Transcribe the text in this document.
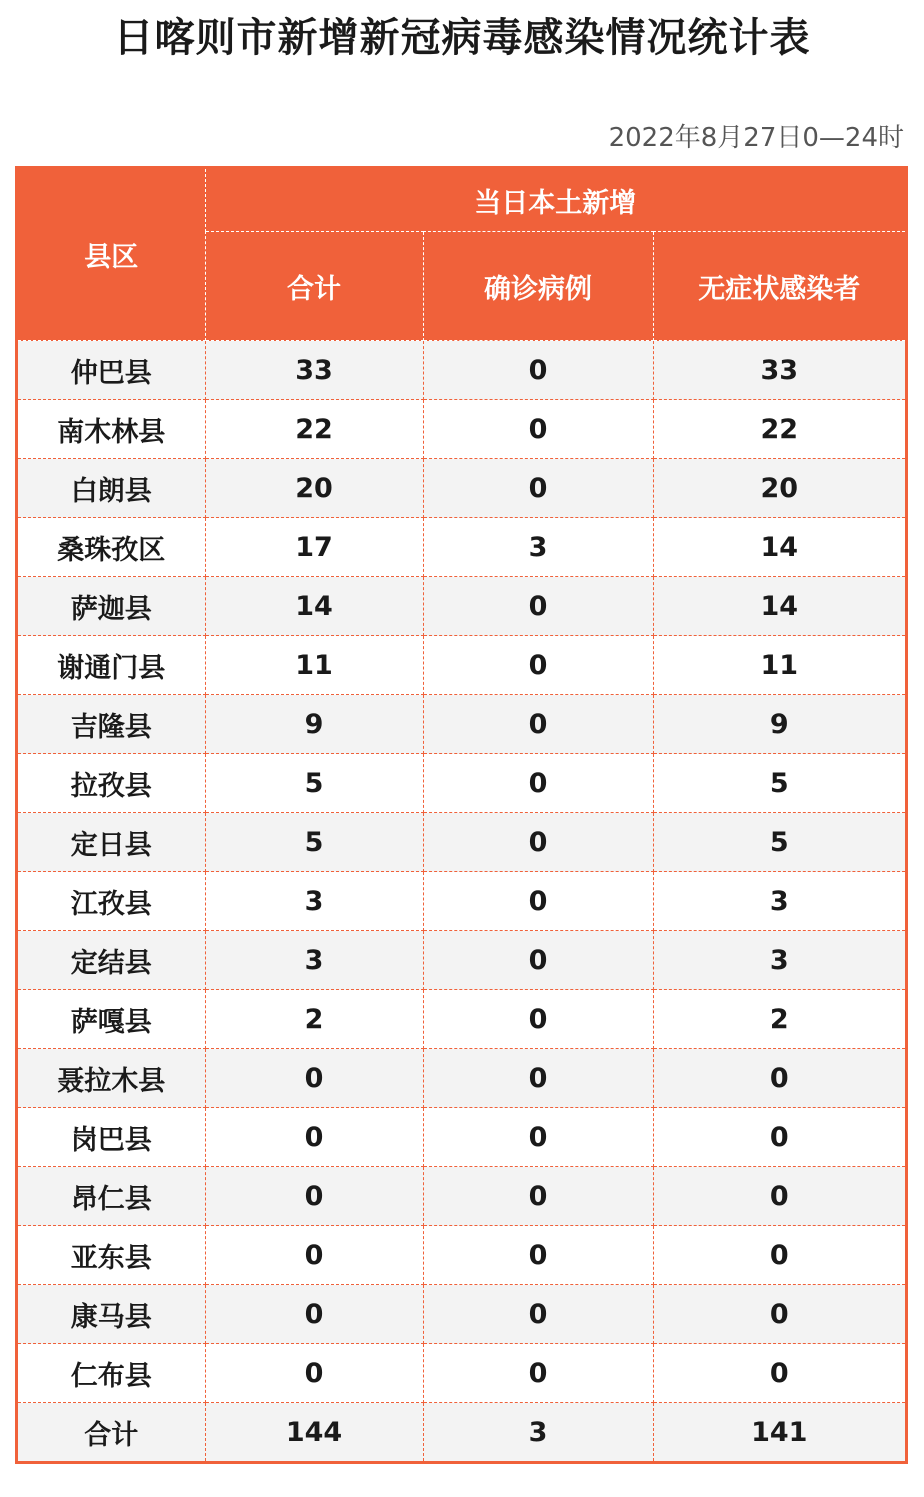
日喀则市新增新冠病毒感染情况统计表
2022年8月27日0—24时
县区	当日本土新增		
	合计	确诊病例	无症状感染者
仲巴县	33	0	33
南木林县	22	0	22
白朗县	20	0	20
桑珠孜区	17	3	14
萨迦县	14	0	14
谢通门县	11	0	11
吉隆县	9	0	9
拉孜县	5	0	5
定日县	5	0	5
江孜县	3	0	3
定结县	3	0	3
萨嘎县	2	0	2
聂拉木县	0	0	0
岗巴县	0	0	0
昂仁县	0	0	0
亚东县	0	0	0
康马县	0	0	0
仁布县	0	0	0
合计	144	3	141
